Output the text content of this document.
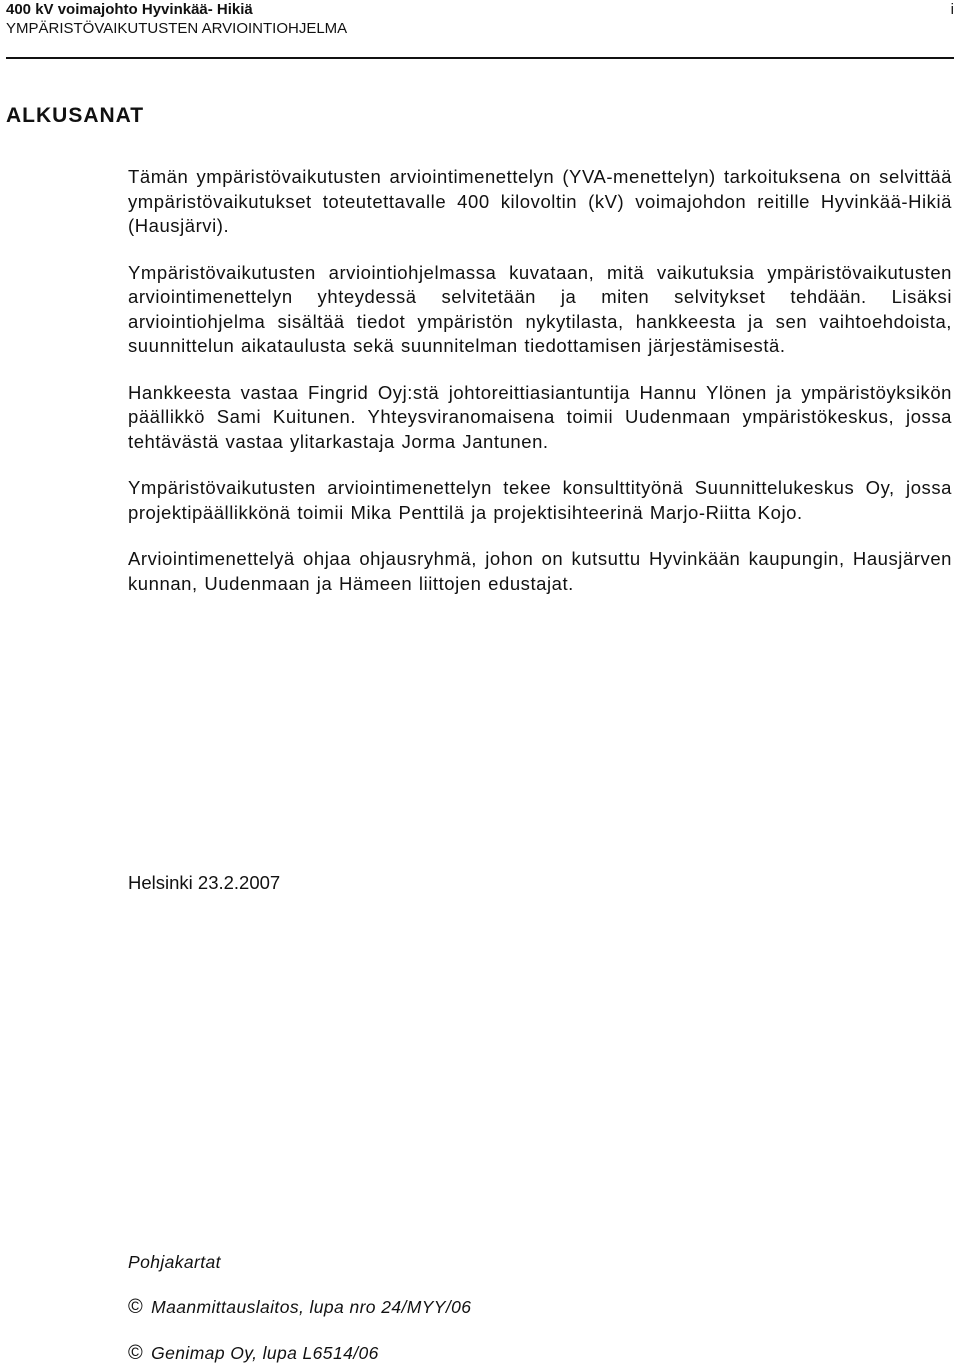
400 kV voimajohto Hyvinkää- Hikiä
YMPÄRISTÖVAIKUTUSTEN ARVIOINTIOHJELMA
i
ALKUSANAT

Tämän ympäristövaikutusten arviointimenettelyn (YVA-menettelyn) tarkoituksena on selvittää ympäristövaikutukset toteutettavalle 400 kilovoltin (kV) voimajohdon reitille Hyvinkää-Hikiä (Hausjärvi).

Ympäristövaikutusten arviointiohjelmassa kuvataan, mitä vaikutuksia ympäristövaikutusten arviointimenettelyn yhteydessä selvitetään ja miten selvitykset tehdään. Lisäksi arviointiohjelma sisältää tiedot ympäristön nykytilasta, hankkeesta ja sen vaihtoehdoista, suunnittelun aikataulusta sekä suunnitelman tiedottamisen järjestämisestä.

Hankkeesta vastaa Fingrid Oyj:stä johtoreittiasiantuntija Hannu Ylönen ja ympäristöyksikön päällikkö Sami Kuitunen. Yhteysviranomaisena toimii Uudenmaan ympäristökeskus, jossa tehtävästä vastaa ylitarkastaja Jorma Jantunen.

Ympäristövaikutusten arviointimenettelyn tekee konsulttityönä Suunnittelukeskus Oy, jossa projektipäällikkönä toimii Mika Penttilä ja projektisihteerinä Marjo-Riitta Kojo.

Arviointimenettelyä ohjaa ohjausryhmä, johon on kutsuttu Hyvinkään kaupungin, Hausjärven kunnan, Uudenmaan ja Hämeen liittojen edustajat.

Helsinki 23.2.2007
Pohjakartat
© Maanmittauslaitos, lupa nro 24/MYY/06
© Genimap Oy, lupa L6514/06
